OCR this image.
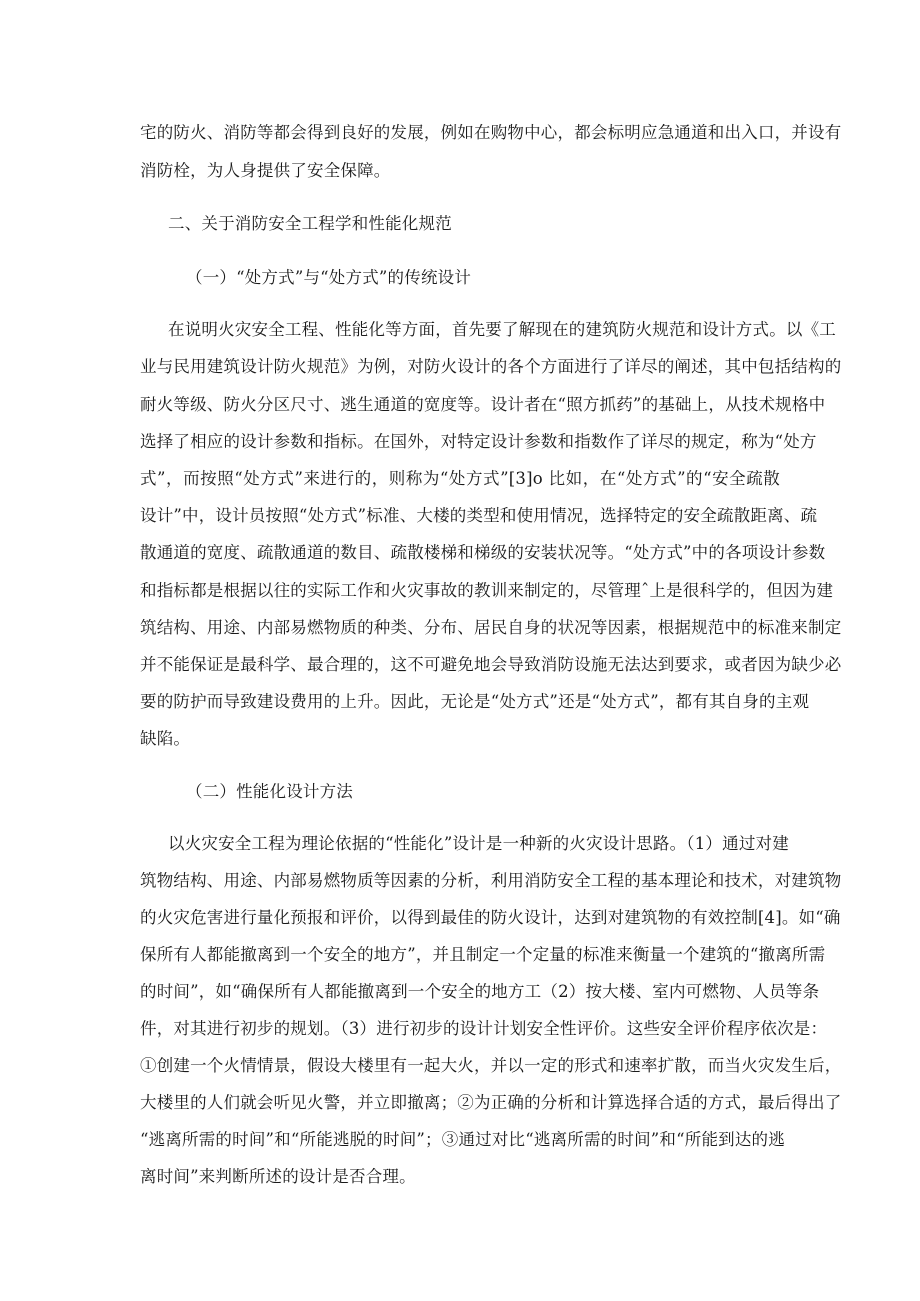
宅的防火、消防等都会得到良好的发展，例如在购物中心，都会标明应急通道和出入口，并设有
消防栓，为人身提供了安全保障。
二、关于消防安全工程学和性能化规范
（一）“处方式”与“处方式”的传统设计
在说明火灾安全工程、性能化等方面，首先要了解现在的建筑防火规范和设计方式。以《工
业与民用建筑设计防火规范》为例，对防火设计的各个方面进行了详尽的阐述，其中包括结构的
耐火等级、防火分区尺寸、逃生通道的宽度等。设计者在“照方抓药”的基础上，从技术规格中
选择了相应的设计参数和指标。在国外，对特定设计参数和指数作了详尽的规定，称为“处方
式”，而按照“处方式”来进行的，则称为“处方式”[3]o 比如，在“处方式”的“安全疏散
设计”中，设计员按照“处方式”标准、大楼的类型和使用情况，选择特定的安全疏散距离、疏
散通道的宽度、疏散通道的数目、疏散楼梯和梯级的安装状况等。“处方式”中的各项设计参数
和指标都是根据以往的实际工作和火灾事故的教训来制定的，尽管理ˆ上是很科学的，但因为建
筑结构、用途、内部易燃物质的种类、分布、居民自身的状况等因素，根据规范中的标准来制定
并不能保证是最科学、最合理的，这不可避免地会导致消防设施无法达到要求，或者因为缺少必
要的防护而导致建设费用的上升。因此，无论是“处方式”还是“处方式”，都有其自身的主观
缺陷。
（二）性能化设计方法
以火灾安全工程为理论依据的“性能化”设计是一种新的火灾设计思路。（1）通过对建
筑物结构、用途、内部易燃物质等因素的分析，利用消防安全工程的基本理论和技术，对建筑物
的火灾危害进行量化预报和评价，以得到最佳的防火设计，达到对建筑物的有效控制[4]。如“确
保所有人都能撤离到一个安全的地方”，并且制定一个定量的标准来衡量一个建筑的“撤离所需
的时间”，如“确保所有人都能撤离到一个安全的地方工（2）按大楼、室内可燃物、人员等条
件，对其进行初步的规划。（3）进行初步的设计计划安全性评价。这些安全评价程序依次是：
①创建一个火情情景，假设大楼里有一起大火，并以一定的形式和速率扩散，而当火灾发生后，
大楼里的人们就会听见火警，并立即撤离；②为正确的分析和计算选择合适的方式，最后得出了
“逃离所需的时间”和“所能逃脱的时间”；③通过对比“逃离所需的时间”和“所能到达的逃
离时间”来判断所述的设计是否合理。
